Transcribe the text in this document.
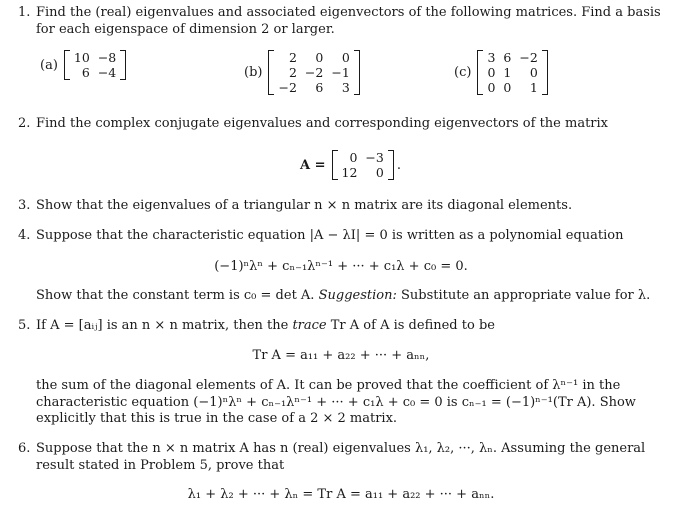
1. Find the (real) eigenvalues and associated eigenvectors of the following matrices. Find a basis for each eigenspace of dimension 2 or larger.
(a) 10	−8
6	−4	(b)
2	0	0
2	−2	−1
−2	6	3
(c)
3	6	−2
0	1	0
0	0	1
2. Find the complex conjugate eigenvalues and corresponding eigenvectors of the matrix
A = 0	−3
12	0 .
3. Show that the eigenvalues of a triangular n × n matrix are its diagonal elements.
4. Suppose that the characteristic equation |A − λI| = 0 is written as a polynomial equation
(−1)ⁿλⁿ + cₙ₋₁λⁿ⁻¹ + ··· + c₁λ + c₀ = 0.
Show that the constant term is c₀ = det A. Suggestion: Substitute an appropriate value for λ.
5. If A = [aᵢⱼ] is an n × n matrix, then the trace Tr A of A is defined to be
Tr A = a₁₁ + a₂₂ + ··· + aₙₙ,
the sum of the diagonal elements of A. It can be proved that the coefficient of λⁿ⁻¹ in the characteristic equation (−1)ⁿλⁿ + cₙ₋₁λⁿ⁻¹ + ··· + c₁λ + c₀ = 0 is cₙ₋₁ = (−1)ⁿ⁻¹(Tr A). Show explicitly that this is true in the case of a 2 × 2 matrix.
6. Suppose that the n × n matrix A has n (real) eigenvalues λ₁, λ₂, ···, λₙ. Assuming the general result stated in Problem 5, prove that
λ₁ + λ₂ + ··· + λₙ = Tr A = a₁₁ + a₂₂ + ··· + aₙₙ.
